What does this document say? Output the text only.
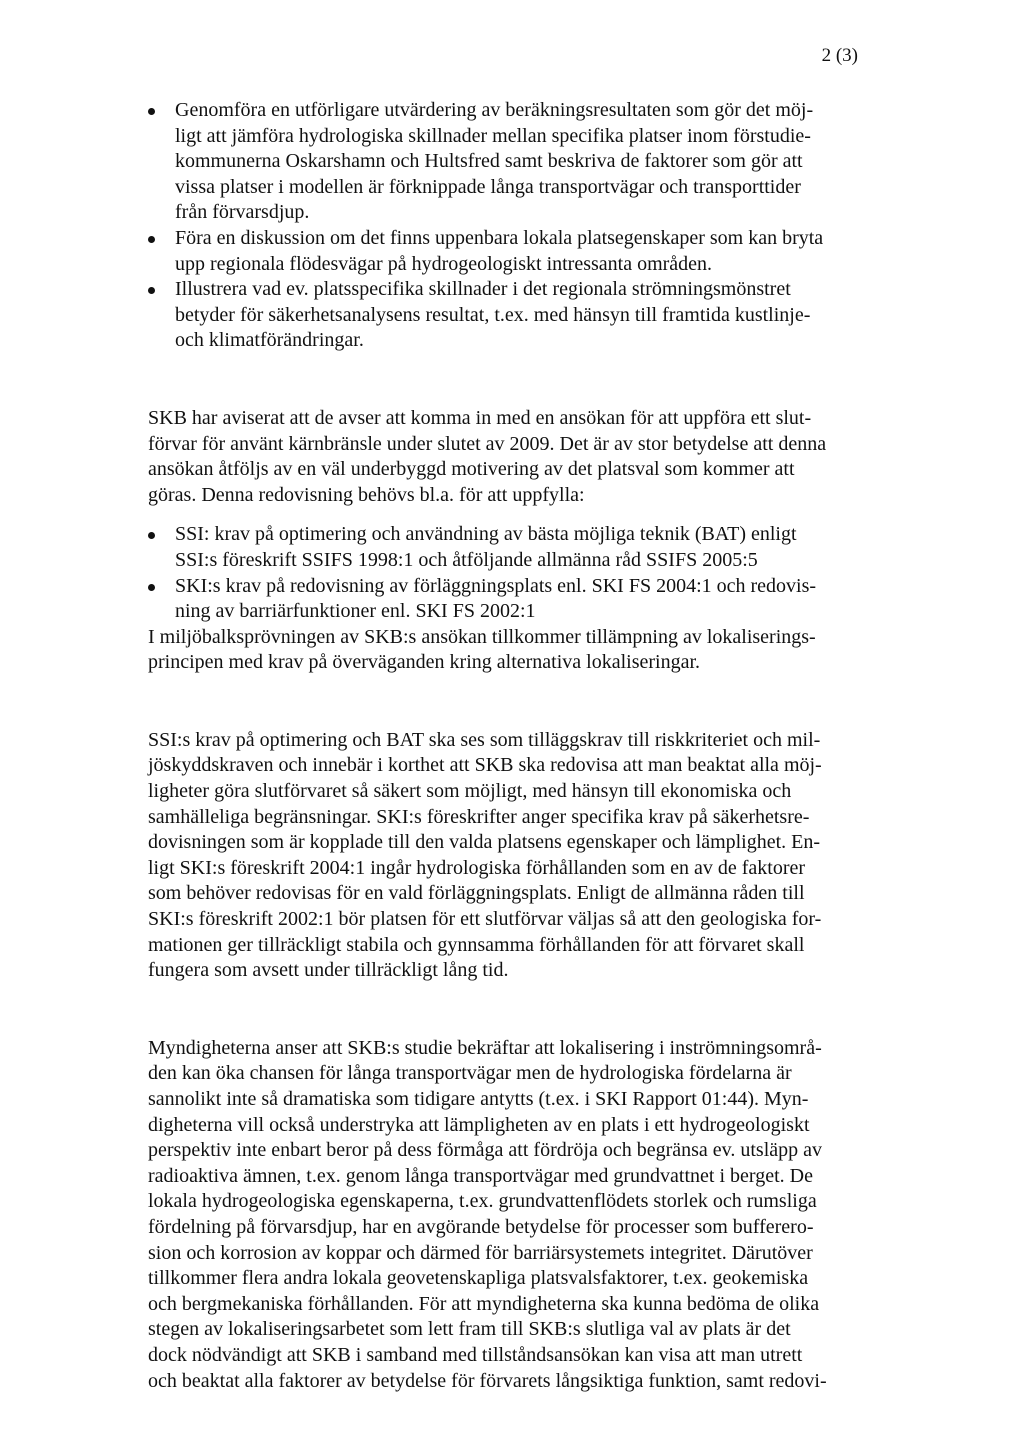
2 (3)
Genomföra en utförligare utvärdering av beräkningsresultaten som gör det möj-
ligt att jämföra hydrologiska skillnader mellan specifika platser inom förstudie-
kommunerna Oskarshamn och Hultsfred samt beskriva de faktorer som gör att
vissa platser i modellen är förknippade långa transportvägar och transporttider
från förvarsdjup.
Föra en diskussion om det finns uppenbara lokala platsegenskaper som kan bryta
upp regionala flödesvägar på hydrogeologiskt intressanta områden.
Illustrera vad ev. platsspecifika skillnader i det regionala strömningsmönstret
betyder för säkerhetsanalysens resultat, t.ex. med hänsyn till framtida kustlinje-
och klimatförändringar.

SKB har aviserat att de avser att komma in med en ansökan för att uppföra ett slut-
förvar för använt kärnbränsle under slutet av 2009. Det är av stor betydelse att denna
ansökan åtföljs av en väl underbyggd motivering av det platsval som kommer att
göras. Denna redovisning behövs bl.a. för att uppfylla:

SSI: krav på optimering och användning av bästa möjliga teknik (BAT) enligt
SSI:s föreskrift SSIFS 1998:1 och åtföljande allmänna råd SSIFS 2005:5
SKI:s krav på redovisning av förläggningsplats enl. SKI FS 2004:1 och redovis-
ning av barriärfunktioner enl. SKI FS 2002:1

I miljöbalksprövningen av SKB:s ansökan tillkommer tillämpning av lokaliserings-
principen med krav på överväganden kring alternativa lokaliseringar.

SSI:s krav på optimering och BAT ska ses som tilläggskrav till riskkriteriet och mil-
jöskyddskraven och innebär i korthet att SKB ska redovisa att man beaktat alla möj-
ligheter göra slutförvaret så säkert som möjligt, med hänsyn till ekonomiska och
samhälleliga begränsningar. SKI:s föreskrifter anger specifika krav på säkerhetsre-
dovisningen som är kopplade till den valda platsens egenskaper och lämplighet. En-
ligt SKI:s föreskrift 2004:1 ingår hydrologiska förhållanden som en av de faktorer
som behöver redovisas för en vald förläggningsplats. Enligt de allmänna råden till
SKI:s föreskrift 2002:1 bör platsen för ett slutförvar väljas så att den geologiska for-
mationen ger tillräckligt stabila och gynnsamma förhållanden för att förvaret skall
fungera som avsett under tillräckligt lång tid.

Myndigheterna anser att SKB:s studie bekräftar att lokalisering i inströmningsområ-
den kan öka chansen för långa transportvägar men de hydrologiska fördelarna är
sannolikt inte så dramatiska som tidigare antytts (t.ex. i SKI Rapport 01:44). Myn-
digheterna vill också understryka att lämpligheten av en plats i ett hydrogeologiskt
perspektiv inte enbart beror på dess förmåga att fördröja och begränsa ev. utsläpp av
radioaktiva ämnen, t.ex. genom långa transportvägar med grundvattnet i berget. De
lokala hydrogeologiska egenskaperna, t.ex. grundvattenflödets storlek och rumsliga
fördelning på förvarsdjup, har en avgörande betydelse för processer som bufferero-
sion och korrosion av koppar och därmed för barriärsystemets integritet. Därutöver
tillkommer flera andra lokala geovetenskapliga platsvalsfaktorer, t.ex. geokemiska
och bergmekaniska förhållanden. För att myndigheterna ska kunna bedöma de olika
stegen av lokaliseringsarbetet som lett fram till SKB:s slutliga val av plats är det
dock nödvändigt att SKB i samband med tillståndsansökan kan visa att man utrett
och beaktat alla faktorer av betydelse för förvarets långsiktiga funktion, samt redovi-
